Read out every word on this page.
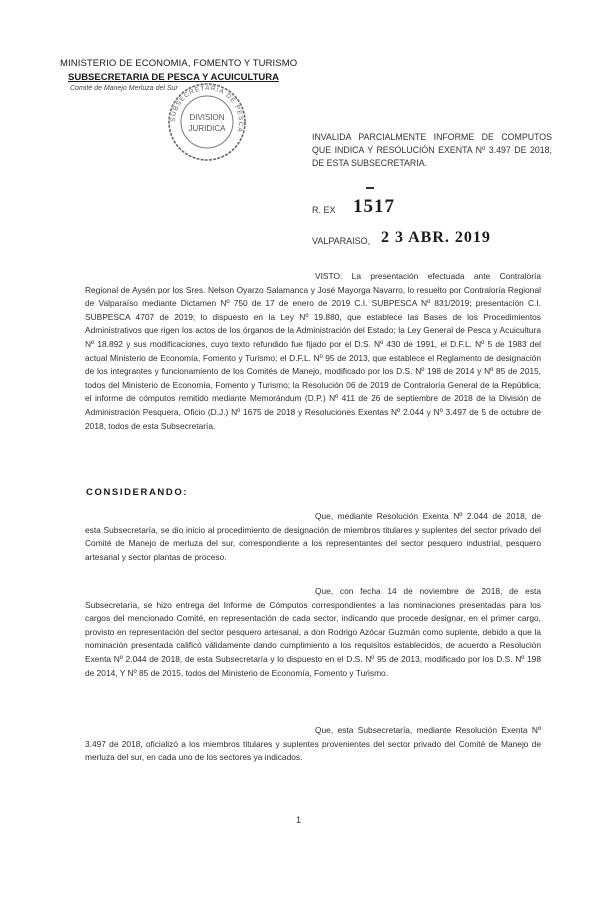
MINISTERIO DE ECONOMIA, FOMENTO Y TURISMO
SUBSECRETARIA DE PESCA Y ACUICULTURA
Comité de Manejo Merluza del Sur
SUBSECRETARIA DE PESCA
DIVISION
JURIDICA
INVALIDA PARCIALMENTE INFORME DE COMPUTOS QUE INDICA Y RESOLUCIÓN EXENTA Nº 3.497 DE 2018, DE ESTA SUBSECRETARIA.
R. EX 1517
VALPARAISO, 2 3 ABR. 2019
VISTO: La presentación efectuada ante Contraloría Regional de Aysén por los Sres. Nelson Oyarzo Salamanca y José Mayorga Navarro, lo resuelto por Contraloría Regional de Valparaíso mediante Dictamen Nº 750 de 17 de enero de 2019 C.I. SUBPESCA Nº 831/2019; presentación C.I. SUBPESCA 4707 de 2019; lo dispuesto en la Ley Nº 19.880, que establece las Bases de los Procedimientos Administrativos que rigen los actos de los órganos de la Administración del Estado; la Ley General de Pesca y Acuicultura Nº 18.892 y sus modificaciones, cuyo texto refundido fue fijado por el D.S. Nº 430 de 1991, el D.F.L. Nº 5 de 1983 del actual Ministerio de Economía, Fomento y Turismo; el D.F.L. Nº 95 de 2013, que establece el Reglamento de designación de los integrantes y funcionamiento de los Comités de Manejo, modificado por los D.S. Nº 198 de 2014 y Nº 85 de 2015, todos del Ministerio de Economía, Fomento y Turismo; la Resolución 06 de 2019 de Contraloría General de la República; el informe de cómputos remitido mediante Memorándum (D.P.) Nº 411 de 26 de septiembre de 2018 de la División de Administración Pesquera, Oficio (D.J.) Nº 1675 de 2018 y Resoluciones Exentas Nº 2.044 y Nº 3.497 de 5 de octubre de 2018, todos de esta Subsecretaría.
CONSIDERANDO:
Que, mediante Resolución Exenta Nº 2.044 de 2018, de esta Subsecretaría, se dio inicio al procedimiento de designación de miembros titulares y suplentes del sector privado del Comité de Manejo de merluza del sur, correspondiente a los representantes del sector pesquero industrial, pesquero artesanal y sector plantas de proceso.
Que, con fecha 14 de noviembre de 2018, de esta Subsecretaría, se hizo entrega del Informe de Cómputos correspondientes a las nominaciones presentadas para los cargos del mencionado Comité, en representación de cada sector, indicando que procede designar, en el primer cargo, provisto en representación del sector pesquero artesanal, a don Rodrigo Azócar Guzmán como suplente, debido a que la nominación presentada calificó válidamente dando cumplimiento a los requisitos establecidos, de acuerdo a Resolución Exenta Nº 2.044 de 2018, de esta Subsecretaría y lo dispuesto en el D.S. Nº 95 de 2013, modificado por los D.S. Nº 198 de 2014, Y Nº 85 de 2015, todos del Ministerio de Economía, Fomento y Turismo.
Que, esta Subsecretaría, mediante Resolución Exenta Nº 3.497 de 2018, oficializó a los miembros titulares y suplentes provenientes del sector privado del Comité de Manejo de merluza del sur, en cada uno de los sectores ya indicados.
1
